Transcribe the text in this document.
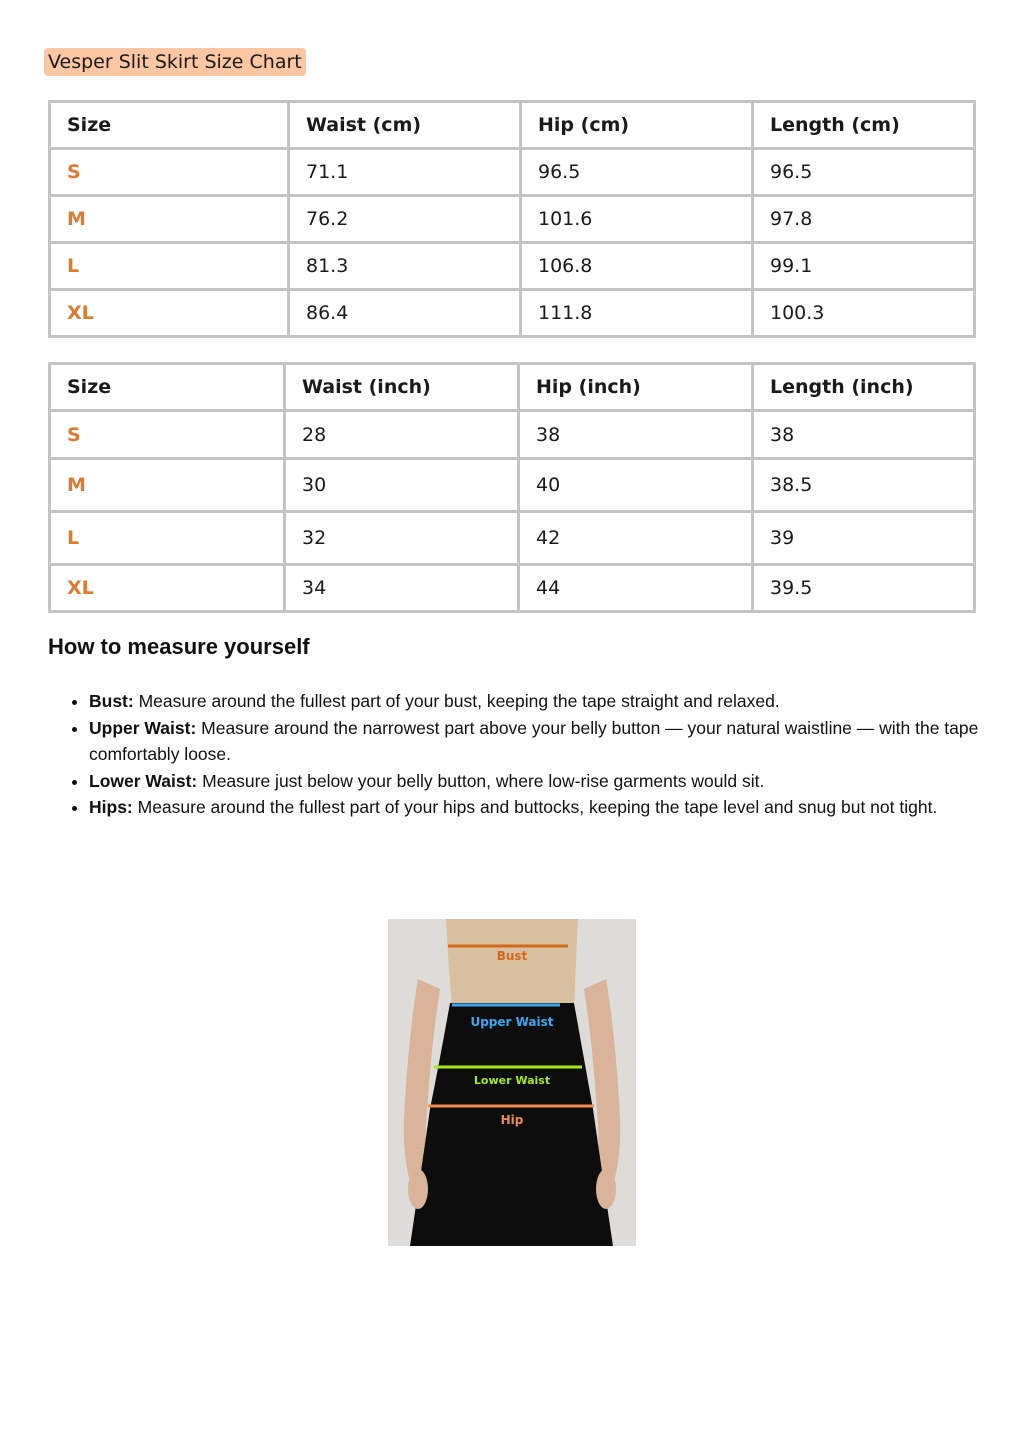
Vesper Slit Skirt Size Chart
Size	Waist (cm)	Hip (cm)	Length (cm)
S	71.1	96.5	96.5
M	76.2	101.6	97.8
L	81.3	106.8	99.1
XL	86.4	111.8	100.3
Size	Waist (inch)	Hip (inch)	Length (inch)
S	28	38	38
M	30	40	38.5
L	32	42	39
XL	34	44	39.5
How to measure yourself
• Bust: Measure around the fullest part of your bust, keeping the tape straight and relaxed.
• Upper Waist: Measure around the narrowest part above your belly button — your natural waistline — with the tape comfortably loose.
• Lower Waist: Measure just below your belly button, where low-rise garments would sit.
• Hips: Measure around the fullest part of your hips and buttocks, keeping the tape level and snug but not tight.
Bust
Upper Waist
Lower Waist
Hip
